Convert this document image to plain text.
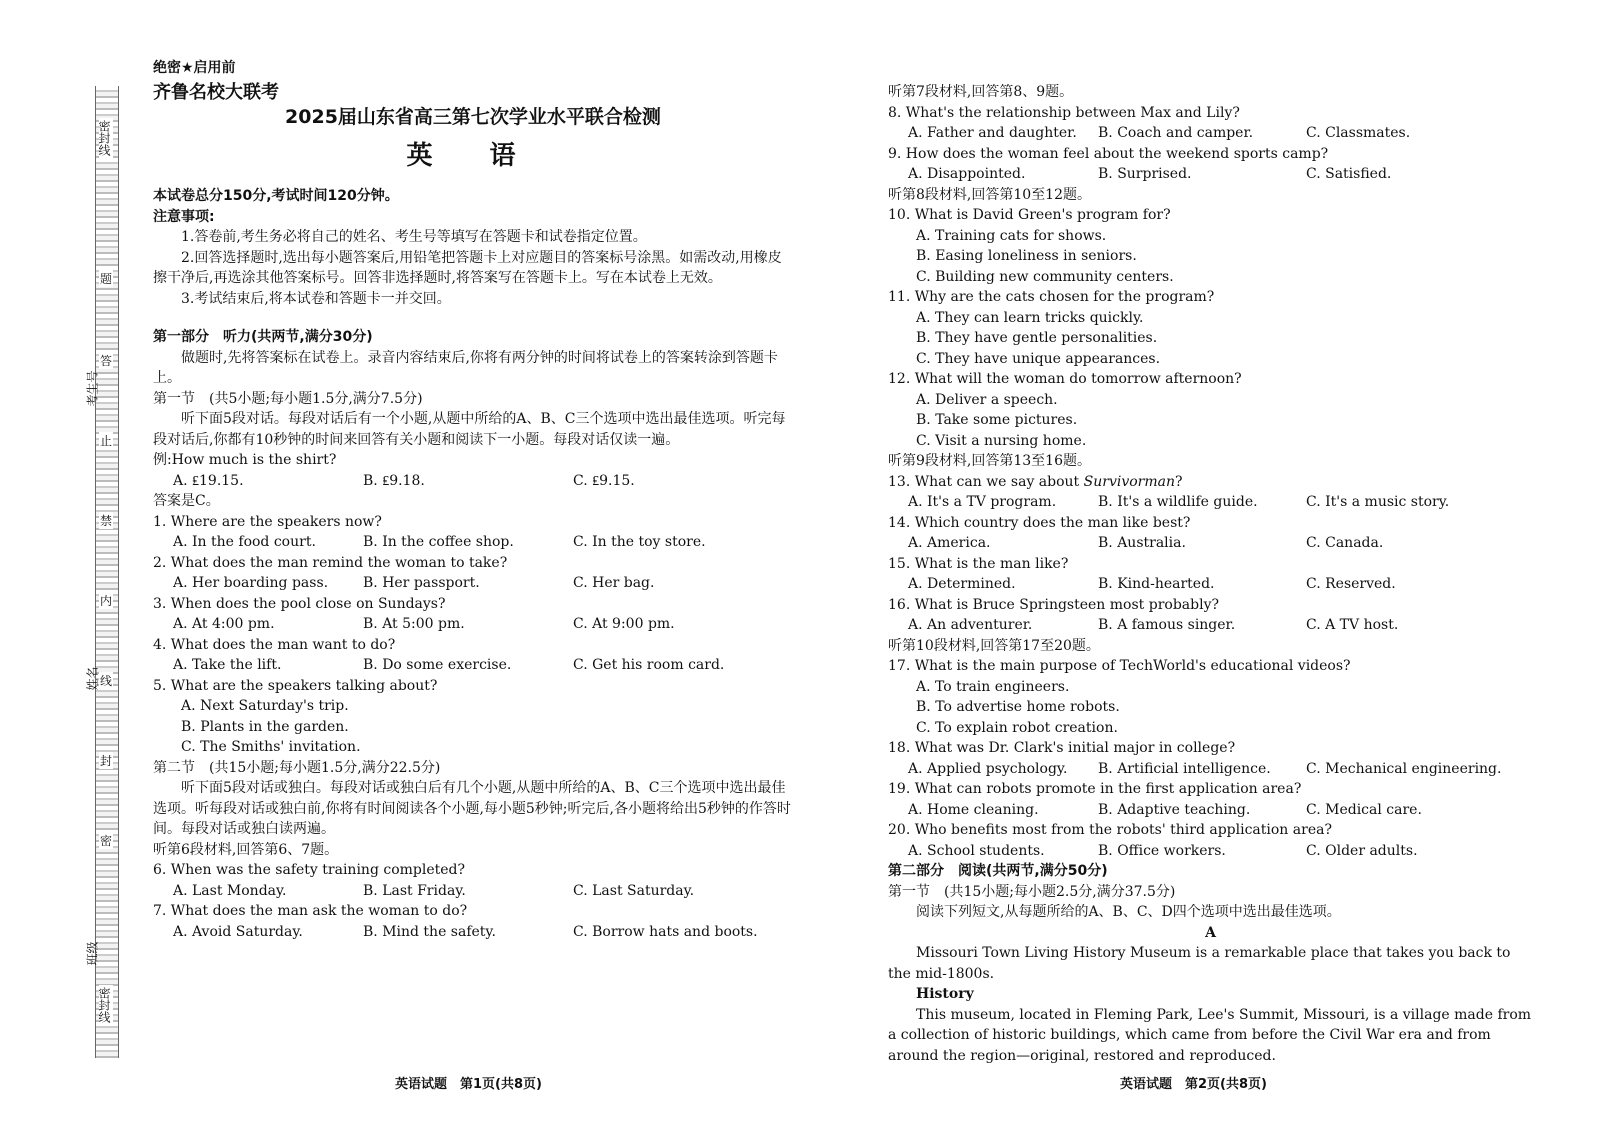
密封线
题
答
止
禁
内
线
封
密
密封线
考生号
姓名
班级

绝密★启用前

齐鲁名校大联考

2025届山东省高三第七次学业水平联合检测

英 语

本试卷总分150分,考试时间120分钟。

注意事项:

1.答卷前,考生务必将自己的姓名、考生号等填写在答题卡和试卷指定位置。

2.回答选择题时,选出每小题答案后,用铅笔把答题卡上对应题目的答案标号涂黑。如需改动,用橡皮擦干净后,再选涂其他答案标号。回答非选择题时,将答案写在答题卡上。写在本试卷上无效。

3.考试结束后,将本试卷和答题卡一并交回。

第一部分　听力(共两节,满分30分)

做题时,先将答案标在试卷上。录音内容结束后,你将有两分钟的时间将试卷上的答案转涂到答题卡上。

第一节　(共5小题;每小题1.5分,满分7.5分)

听下面5段对话。每段对话后有一个小题,从题中所给的A、B、C三个选项中选出最佳选项。听完每段对话后,你都有10秒钟的时间来回答有关小题和阅读下一小题。每段对话仅读一遍。

例:How much is the shirt?

A. ₤19.15.	B. ₤9.18.	C. ₤9.15.

答案是C。

1. Where are the speakers now?

A. In the food court.	B. In the coffee shop.	C. In the toy store.

2. What does the man remind the woman to take?

A. Her boarding pass.	B. Her passport.	C. Her bag.

3. When does the pool close on Sundays?

A. At 4:00 pm.	B. At 5:00 pm.	C. At 9:00 pm.

4. What does the man want to do?

A. Take the lift.	B. Do some exercise.	C. Get his room card.

5. What are the speakers talking about?

A. Next Saturday's trip.

B. Plants in the garden.

C. The Smiths' invitation.

第二节　(共15小题;每小题1.5分,满分22.5分)

听下面5段对话或独白。每段对话或独白后有几个小题,从题中所给的A、B、C三个选项中选出最佳选项。听每段对话或独白前,你将有时间阅读各个小题,每小题5秒钟;听完后,各小题将给出5秒钟的作答时间。每段对话或独白读两遍。

听第6段材料,回答第6、7题。

6. When was the safety training completed?

A. Last Monday.	B. Last Friday.	C. Last Saturday.

7. What does the man ask the woman to do?

A. Avoid Saturday.	B. Mind the safety.	C. Borrow hats and boots.
英语试题　第1页(共8页)

听第7段材料,回答第8、9题。

8. What's the relationship between Max and Lily?

A. Father and daughter.	B. Coach and camper.	C. Classmates.

9. How does the woman feel about the weekend sports camp?

A. Disappointed.	B. Surprised.	C. Satisfied.

听第8段材料,回答第10至12题。

10. What is David Green's program for?

A. Training cats for shows.

B. Easing loneliness in seniors.

C. Building new community centers.

11. Why are the cats chosen for the program?

A. They can learn tricks quickly.

B. They have gentle personalities.

C. They have unique appearances.

12. What will the woman do tomorrow afternoon?

A. Deliver a speech.

B. Take some pictures.

C. Visit a nursing home.

听第9段材料,回答第13至16题。

13. What can we say about Survivorman?

A. It's a TV program.	B. It's a wildlife guide.	C. It's a music story.

14. Which country does the man like best?

A. America.	B. Australia.	C. Canada.

15. What is the man like?

A. Determined.	B. Kind-hearted.	C. Reserved.

16. What is Bruce Springsteen most probably?

A. An adventurer.	B. A famous singer.	C. A TV host.

听第10段材料,回答第17至20题。

17. What is the main purpose of TechWorld's educational videos?

A. To train engineers.

B. To advertise home robots.

C. To explain robot creation.

18. What was Dr. Clark's initial major in college?

A. Applied psychology.	B. Artificial intelligence.	C. Mechanical engineering.

19. What can robots promote in the first application area?

A. Home cleaning.	B. Adaptive teaching.	C. Medical care.

20. Who benefits most from the robots' third application area?

A. School students.	B. Office workers.	C. Older adults.

第二部分　阅读(共两节,满分50分)

第一节　(共15小题;每小题2.5分,满分37.5分)

阅读下列短文,从每题所给的A、B、C、D四个选项中选出最佳选项。

A

Missouri Town Living History Museum is a remarkable place that takes you back to the mid-1800s.

History

This museum, located in Fleming Park, Lee's Summit, Missouri, is a village made from a collection of historic buildings, which came from before the Civil War era and from around the region—original, restored and reproduced.

英语试题　第2页(共8页)
